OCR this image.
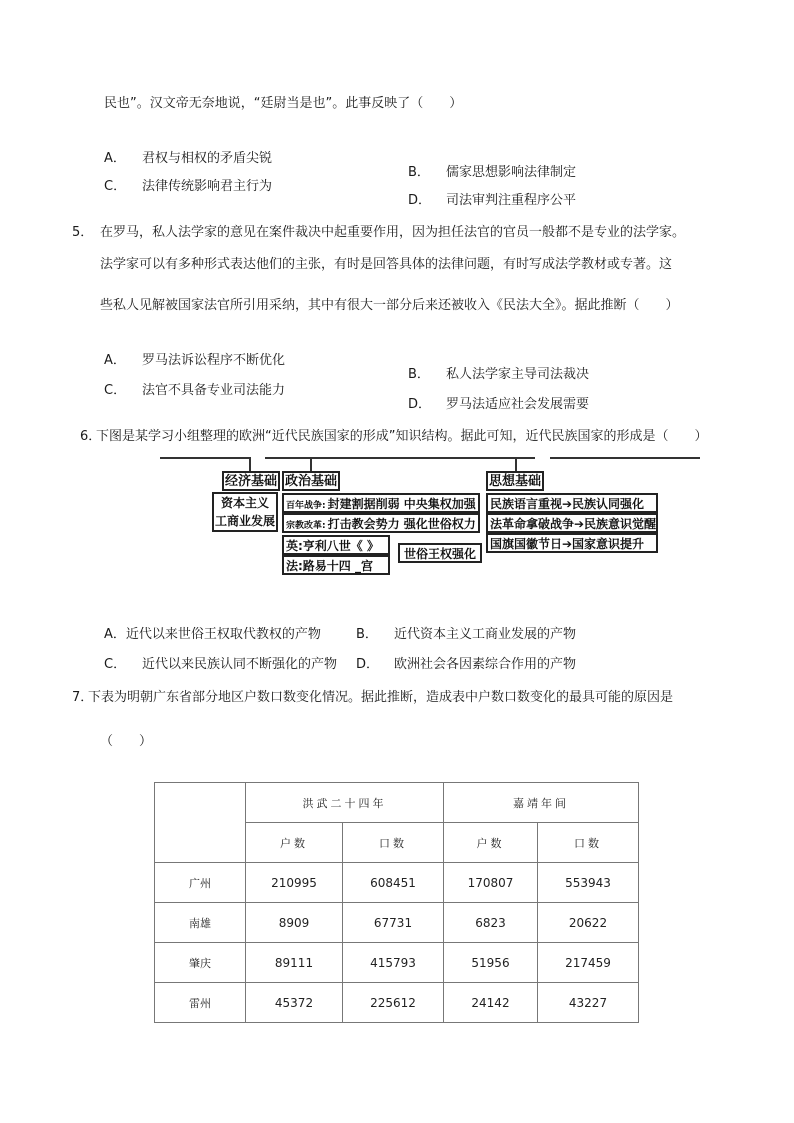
民也”。汉文帝无奈地说，“廷尉当是也”。此事反映了（　　）
A． 君权与相权的矛盾尖锐
B． 儒家思想影响法律制定
C． 法律传统影响君主行为
D． 司法审判注重程序公平
5． 在罗马，私人法学家的意见在案件裁决中起重要作用，因为担任法官的官员一般都不是专业的法学家。
法学家可以有多种形式表达他们的主张，有时是回答具体的法律问题，有时写成法学教材或专著。这
些私人见解被国家法官所引用采纳，其中有很大一部分后来还被收入《民法大全》。据此推断（　　）
A． 罗马法诉讼程序不断优化
B． 私人法学家主导司法裁决
C． 法官不具备专业司法能力
D． 罗马法适应社会发展需要
6．
下图是某学习小组整理的欧洲“近代民族国家的形成”知识结构。据此可知，近代民族国家的形成是（　　）
经济基础 政治基础	思想基础
资本主义
工商业发展
百年战争: 封建割据削弱 中央集权加强
宗教改革: 打击教会势力 强化世俗权力
英:亨利八世《 》
法:路易十四 _宫
世俗王权强化
民族语言重视➔民族认同强化
法革命拿破战争➔民族意识觉醒
国旗国徽节日➔国家意识提升
A．近代以来世俗王权取代教权的产物	B． 近代资本主义工商业发展的产物
C． 近代以来民族认同不断强化的产物 D． 欧洲社会各因素综合作用的产物
7．
下表为明朝广东省部分地区户数口数变化情况。据此推断，造成表中户数口数变化的最具可能的原因是
（　　）
	洪武二十四年		嘉靖年间	
	户数	口数	户数	口数
广州	210995	608451	170807	553943
南雄	8909	67731	6823	20622
肇庆	89111	415793	51956	217459
雷州	45372	225612	24142	43227
